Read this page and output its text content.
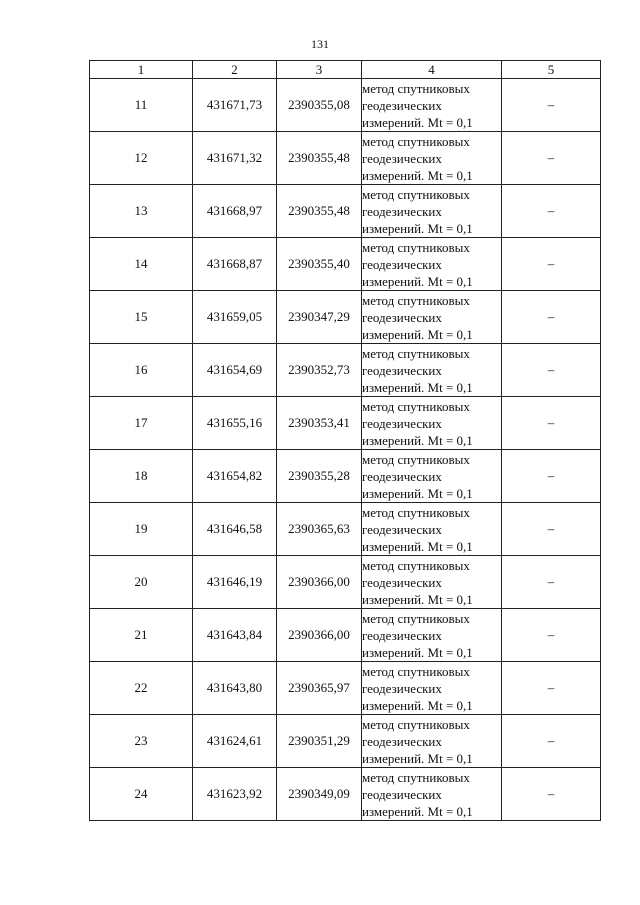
131
1	2	3	4	5
11	431671,73	2390355,08	метод спутниковых
геодезических
измерений. Mt = 0,1	–
12	431671,32	2390355,48	метод спутниковых
геодезических
измерений. Mt = 0,1	–
13	431668,97	2390355,48	метод спутниковых
геодезических
измерений. Mt = 0,1	–
14	431668,87	2390355,40	метод спутниковых
геодезических
измерений. Mt = 0,1	–
15	431659,05	2390347,29	метод спутниковых
геодезических
измерений. Mt = 0,1	–
16	431654,69	2390352,73	метод спутниковых
геодезических
измерений. Mt = 0,1	–
17	431655,16	2390353,41	метод спутниковых
геодезических
измерений. Mt = 0,1	–
18	431654,82	2390355,28	метод спутниковых
геодезических
измерений. Mt = 0,1	–
19	431646,58	2390365,63	метод спутниковых
геодезических
измерений. Mt = 0,1	–
20	431646,19	2390366,00	метод спутниковых
геодезических
измерений. Mt = 0,1	–
21	431643,84	2390366,00	метод спутниковых
геодезических
измерений. Mt = 0,1	–
22	431643,80	2390365,97	метод спутниковых
геодезических
измерений. Mt = 0,1	–
23	431624,61	2390351,29	метод спутниковых
геодезических
измерений. Mt = 0,1	–
24	431623,92	2390349,09	метод спутниковых
геодезических
измерений. Mt = 0,1	–
